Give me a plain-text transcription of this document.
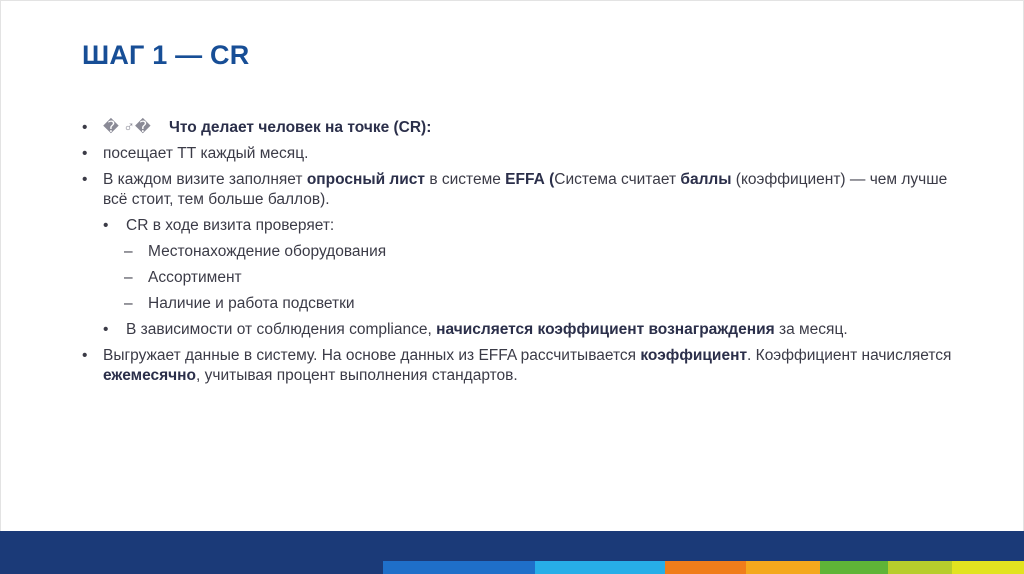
ШАГ 1 — CR
• � ♂� Что делает человек на точке (CR):
• посещает ТТ каждый месяц.
• В каждом визите заполняет опросный лист в системе EFFA (Система считает баллы (коэффициент) — чем лучше всё стоит, тем больше баллов).
• CR в ходе визита проверяет:
– Местонахождение оборудования
– Ассортимент
– Наличие и работа подсветки
• В зависимости от соблюдения compliance, начисляется коэффициент вознаграждения за месяц.
• Выгружает данные в систему. На основе данных из EFFA рассчитывается коэффициент. Коэффициент начисляется ежемесячно, учитывая процент выполнения стандартов.
